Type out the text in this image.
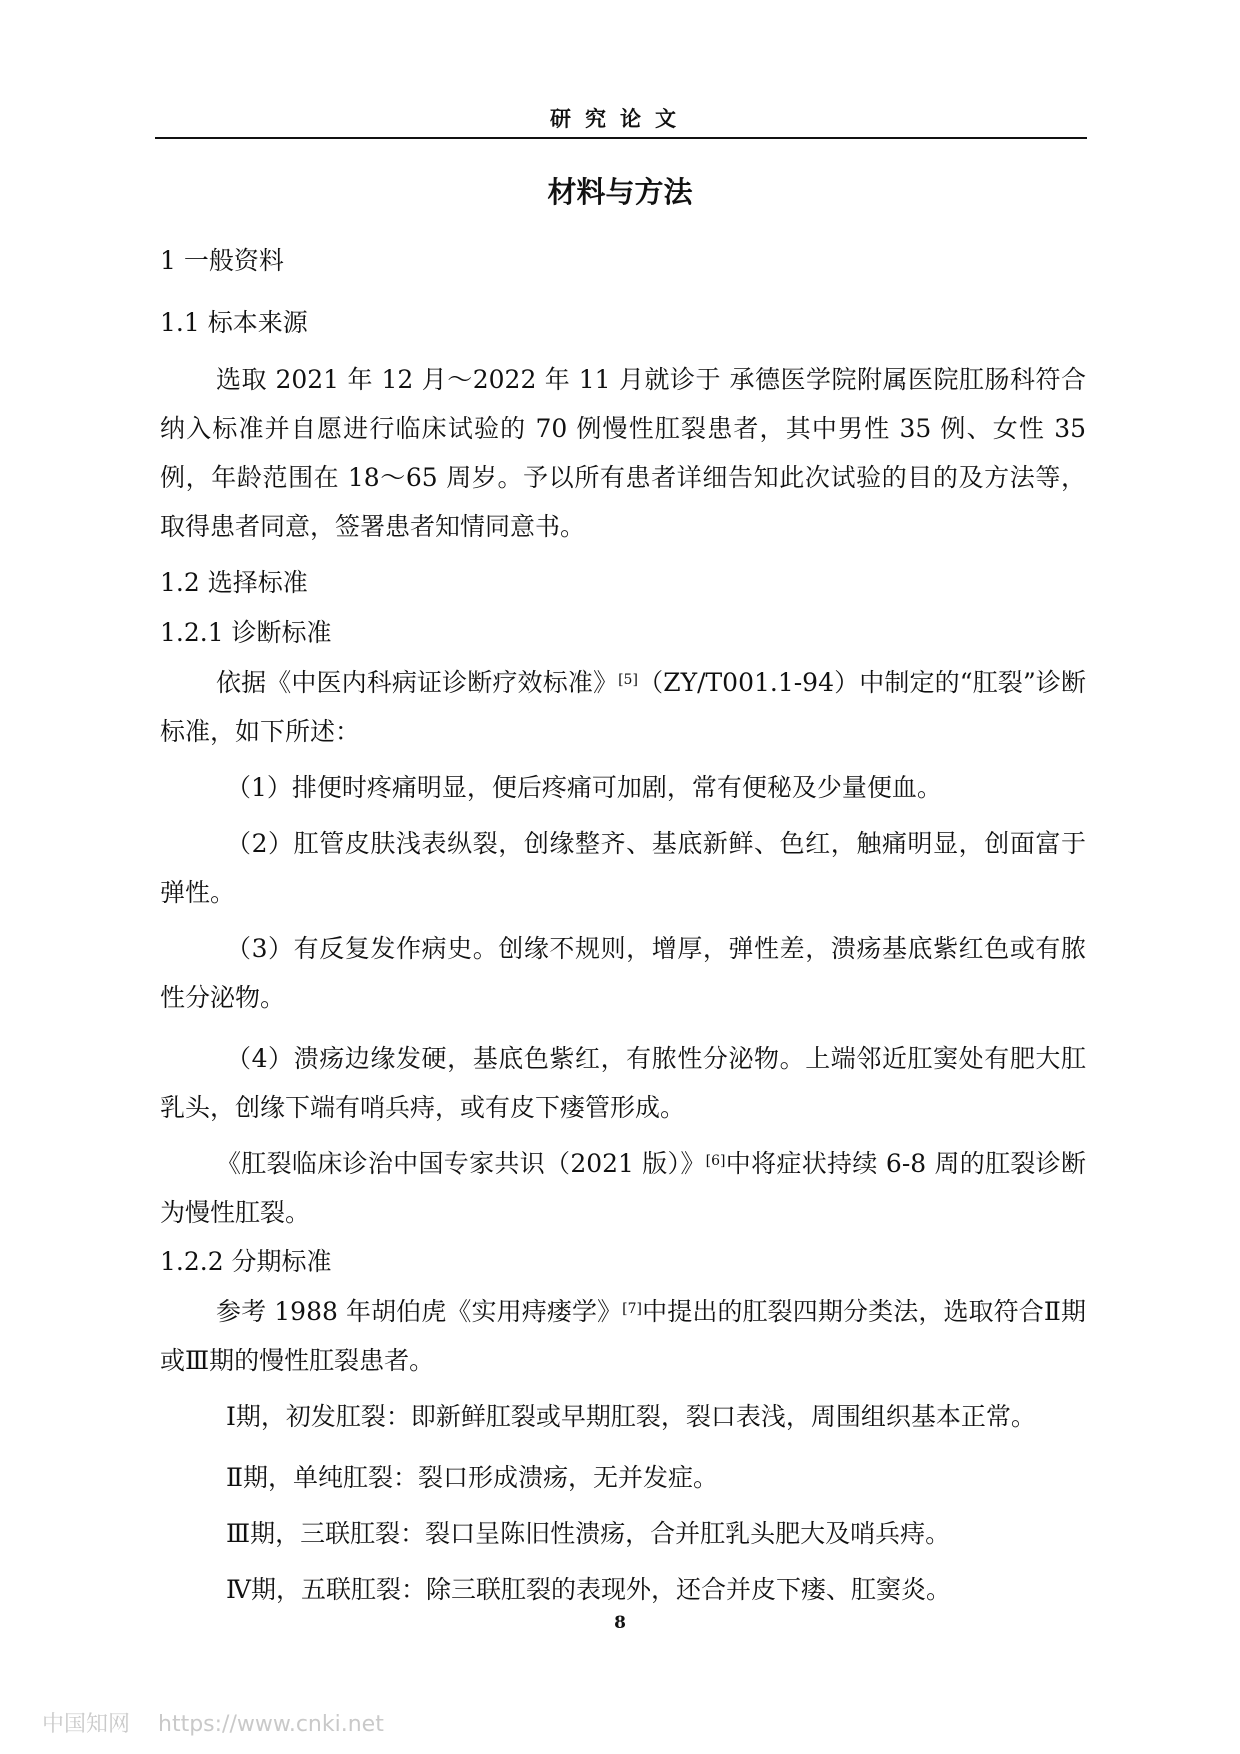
研究论文
材料与方法
1 一般资料
1.1 标本来源
选取 2021 年 12 月～2022 年 11 月就诊于 承德医学院附属医院肛肠科符合纳入标准并自愿进行临床试验的 70 例慢性肛裂患者，其中男性 35 例、女性 35 例，年龄范围在 18～65 周岁。予以所有患者详细告知此次试验的目的及方法等，取得患者同意，签署患者知情同意书。
1.2 选择标准
1.2.1 诊断标准
依据《中医内科病证诊断疗效标准》[5]（ZY/T001.1-94）中制定的“肛裂”诊断标准，如下所述：
（1）排便时疼痛明显，便后疼痛可加剧，常有便秘及少量便血。
（2）肛管皮肤浅表纵裂，创缘整齐、基底新鲜、色红，触痛明显，创面富于弹性。
（3）有反复发作病史。创缘不规则，增厚，弹性差，溃疡基底紫红色或有脓性分泌物。
（4）溃疡边缘发硬，基底色紫红，有脓性分泌物。上端邻近肛窦处有肥大肛乳头，创缘下端有哨兵痔，或有皮下瘘管形成。
《肛裂临床诊治中国专家共识（2021 版）》[6]中将症状持续 6-8 周的肛裂诊断为慢性肛裂。
1.2.2 分期标准
参考 1988 年胡伯虎《实用痔瘘学》[7]中提出的肛裂四期分类法，选取符合Ⅱ期或Ⅲ期的慢性肛裂患者。
Ⅰ期，初发肛裂：即新鲜肛裂或早期肛裂，裂口表浅，周围组织基本正常。
Ⅱ期，单纯肛裂：裂口形成溃疡，无并发症。
Ⅲ期，三联肛裂：裂口呈陈旧性溃疡，合并肛乳头肥大及哨兵痔。
Ⅳ期，五联肛裂：除三联肛裂的表现外，还合并皮下瘘、肛窦炎。
8
中国知网 https://www.cnki.net
